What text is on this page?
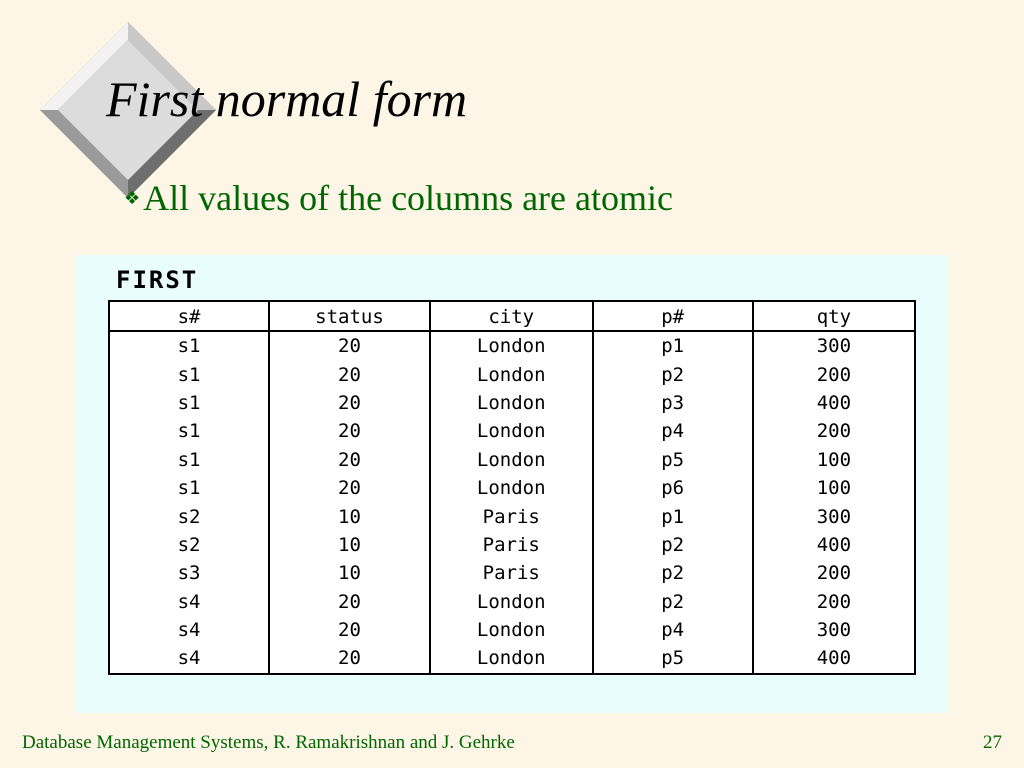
First normal form
❖All values of the columns are atomic
FIRST
s#	status	city	p#	qty
s1	20	London	p1	300
s1	20	London	p2	200
s1	20	London	p3	400
s1	20	London	p4	200
s1	20	London	p5	100
s1	20	London	p6	100
s2	10	Paris	p1	300
s2	10	Paris	p2	400
s3	10	Paris	p2	200
s4	20	London	p2	200
s4	20	London	p4	300
s4	20	London	p5	400
Database Management Systems, R. Ramakrishnan and J. Gehrke	27
